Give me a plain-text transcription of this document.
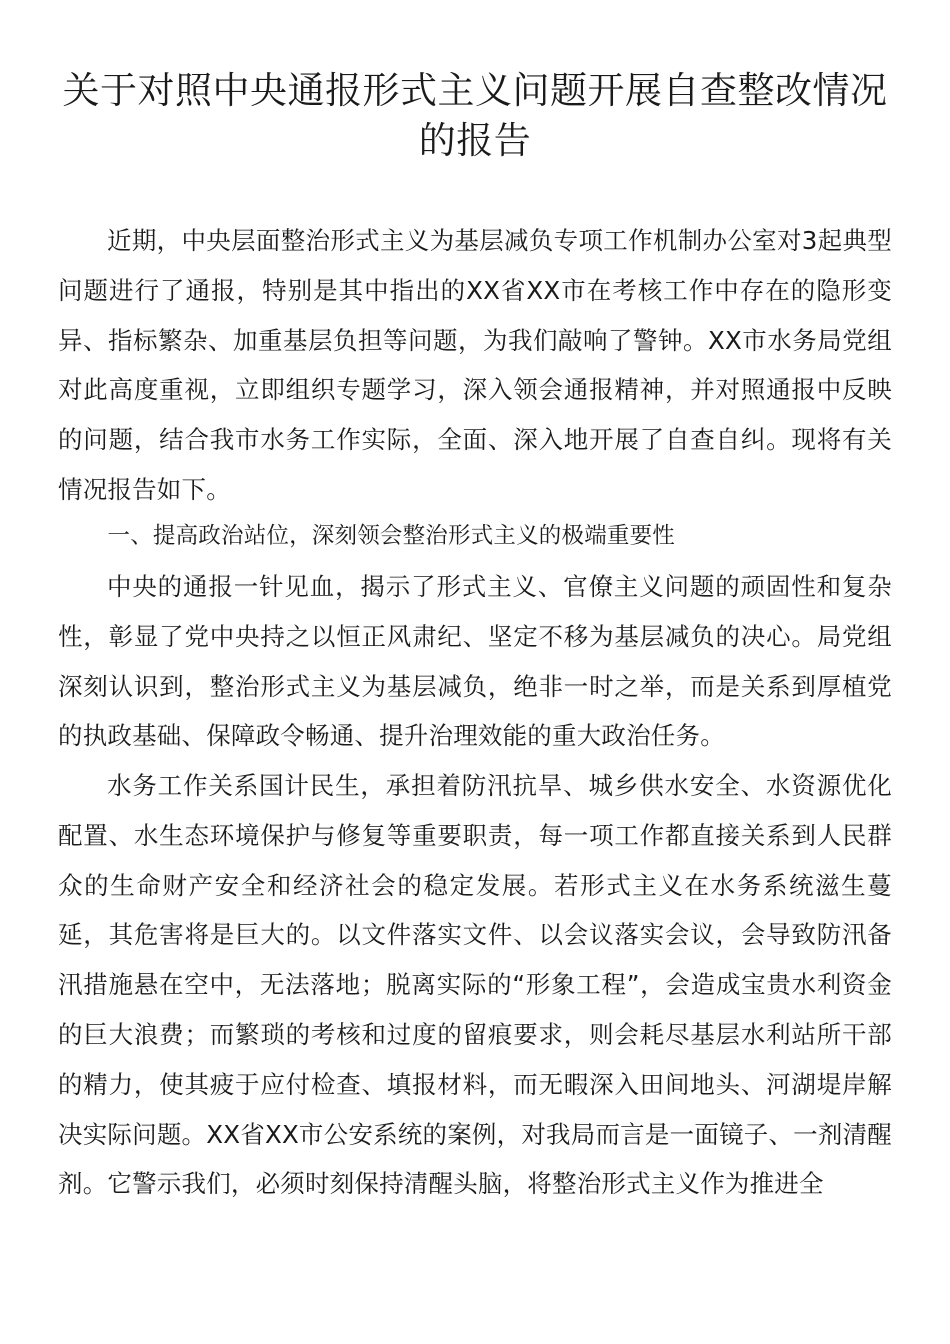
关于对照中央通报形式主义问题开展自查整改情况的报告

近期，中央层面整治形式主义为基层减负专项工作机制办公室对3起典型问题进行了通报，特别是其中指出的XX省XX市在考核工作中存在的隐形变异、指标繁杂、加重基层负担等问题，为我们敲响了警钟。XX市水务局党组对此高度重视，立即组织专题学习，深入领会通报精神，并对照通报中反映的问题，结合我市水务工作实际，全面、深入地开展了自查自纠。现将有关情况报告如下。

一、提高政治站位，深刻领会整治形式主义的极端重要性

中央的通报一针见血，揭示了形式主义、官僚主义问题的顽固性和复杂性，彰显了党中央持之以恒正风肃纪、坚定不移为基层减负的决心。局党组深刻认识到，整治形式主义为基层减负，绝非一时之举，而是关系到厚植党的执政基础、保障政令畅通、提升治理效能的重大政治任务。

水务工作关系国计民生，承担着防汛抗旱、城乡供水安全、水资源优化配置、水生态环境保护与修复等重要职责，每一项工作都直接关系到人民群众的生命财产安全和经济社会的稳定发展。若形式主义在水务系统滋生蔓延，其危害将是巨大的。以文件落实文件、以会议落实会议，会导致防汛备汛措施悬在空中，无法落地；脱离实际的“形象工程”，会造成宝贵水利资金的巨大浪费；而繁琐的考核和过度的留痕要求，则会耗尽基层水利站所干部的精力，使其疲于应付检查、填报材料，而无暇深入田间地头、河湖堤岸解决实际问题。XX省XX市公安系统的案例，对我局而言是一面镜子、一剂清醒剂。它警示我们，必须时刻保持清醒头脑，将整治形式主义作为推进全
